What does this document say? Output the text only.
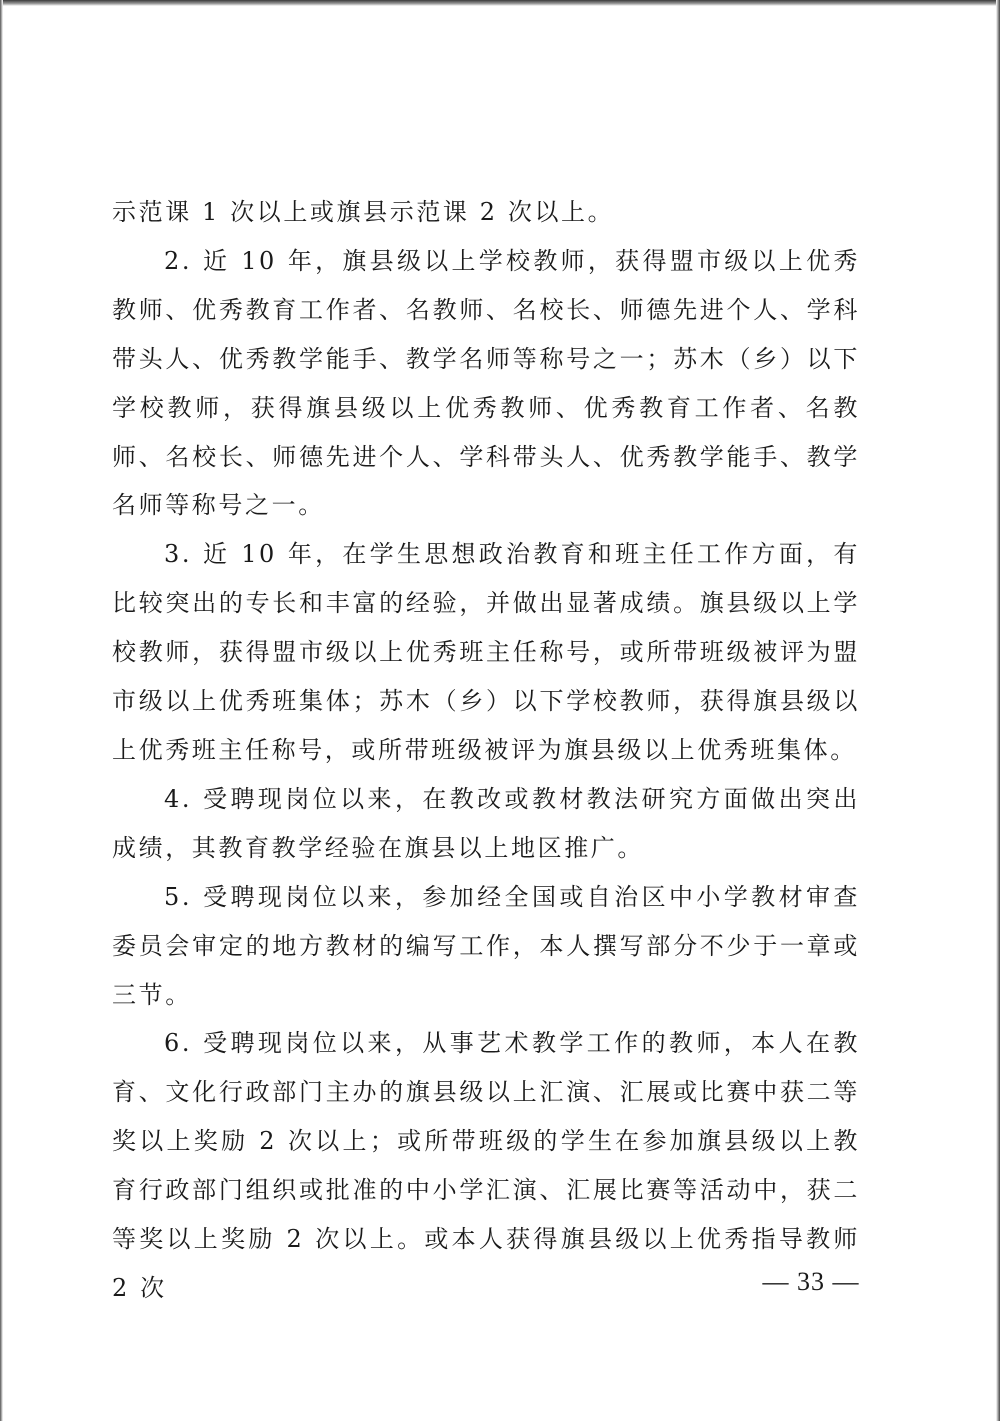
示范课 1 次以上或旗县示范课 2 次以上。

2. 近 10 年，旗县级以上学校教师，获得盟市级以上优秀教师、优秀教育工作者、名教师、名校长、师德先进个人、学科带头人、优秀教学能手、教学名师等称号之一；苏木（乡）以下学校教师，获得旗县级以上优秀教师、优秀教育工作者、名教师、名校长、师德先进个人、学科带头人、优秀教学能手、教学名师等称号之一。

3. 近 10 年，在学生思想政治教育和班主任工作方面，有比较突出的专长和丰富的经验，并做出显著成绩。旗县级以上学校教师，获得盟市级以上优秀班主任称号，或所带班级被评为盟市级以上优秀班集体；苏木（乡）以下学校教师，获得旗县级以上优秀班主任称号，或所带班级被评为旗县级以上优秀班集体。

4. 受聘现岗位以来，在教改或教材教法研究方面做出突出成绩，其教育教学经验在旗县以上地区推广。

5. 受聘现岗位以来，参加经全国或自治区中小学教材审查委员会审定的地方教材的编写工作，本人撰写部分不少于一章或三节。

6. 受聘现岗位以来，从事艺术教学工作的教师，本人在教育、文化行政部门主办的旗县级以上汇演、汇展或比赛中获二等奖以上奖励 2 次以上；或所带班级的学生在参加旗县级以上教育行政部门组织或批准的中小学汇演、汇展比赛等活动中，获二等奖以上奖励 2 次以上。或本人获得旗县级以上优秀指导教师 2 次	— 33 —
